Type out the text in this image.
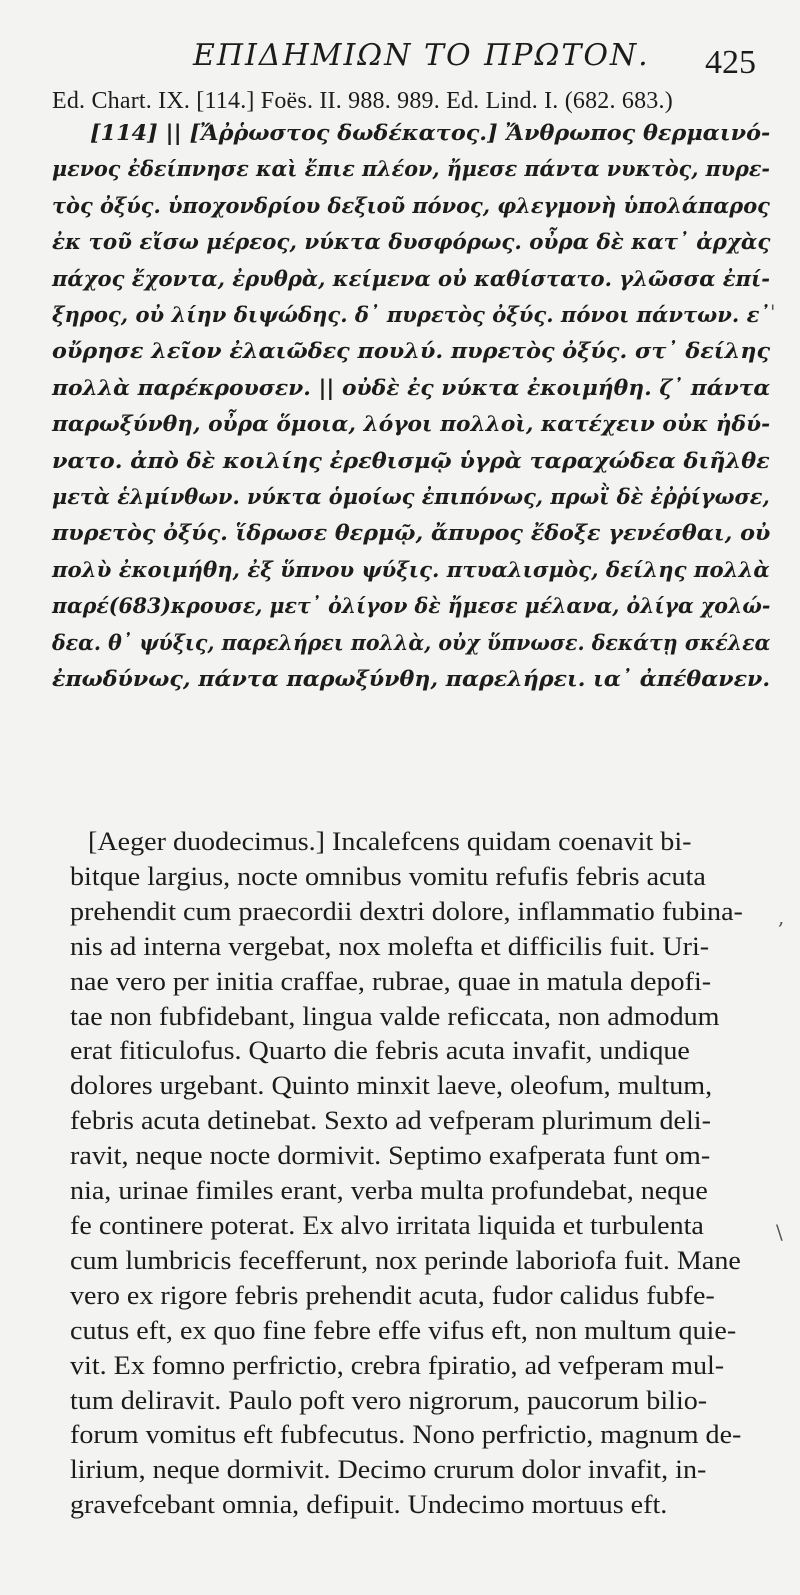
ΕΠΙΔΗΜΙΩΝ ΤΟ ΠΡΩΤΟΝ. 425
Ed. Chart. IX. [114.] Foës. II. 988. 989. Ed. Lind. I. (682. 683.)
[114] || [Ἄῤῥωστος δωδέκατος.] Ἄνθρωπος θερμαινό-
μενος ἐδείπνησε καὶ ἔπιε πλέον, ἤμεσε πάντα νυκτὸς, πυρε-
τὸς ὀξύς. ὑποχονδρίου δεξιοῦ πόνος, φλεγμονὴ ὑπολάπαρος
ἐκ τοῦ εἴσω μέρεος, νύκτα δυσφόρως. οὖρα δὲ κατ᾽ ἀρχὰς
πάχος ἔχοντα, ἐρυθρὰ, κείμενα οὐ καθίστατο. γλῶσσα ἐπί-
ξηρος, οὐ λίην διψώδης. δ᾽ πυρετὸς ὀξύς. πόνοι πάντων. ε᾽
οὔρησε λεῖον ἐλαιῶδες πουλύ. πυρετὸς ὀξύς. στ᾽ δείλης
πολλὰ παρέκρουσεν. || οὐδὲ ἐς νύκτα ἐκοιμήθη. ζ᾽ πάντα
παρωξύνθη, οὖρα ὅμοια, λόγοι πολλοὶ, κατέχειν οὐκ ἠδύ-
νατο. ἀπὸ δὲ κοιλίης ἐρεθισμῷ ὑγρὰ ταραχώδεα διῆλθε
μετὰ ἑλμίνθων. νύκτα ὁμοίως ἐπιπόνως, πρωῒ δὲ ἐῤῥίγωσε,
πυρετὸς ὀξύς. ἵδρωσε θερμῷ, ἄπυρος ἔδοξε γενέσθαι, οὐ
πολὺ ἐκοιμήθη, ἐξ ὕπνου ψύξις. πτυαλισμὸς, δείλης πολλὰ
παρέ(683)κρουσε, μετ᾽ ὀλίγον δὲ ἤμεσε μέλανα, ὀλίγα χολώ-
δεα. θ᾽ ψύξις, παρελήρει πολλὰ, οὐχ ὕπνωσε. δεκάτῃ σκέλεα
ἐπωδύνως, πάντα παρωξύνθη, παρελήρει. ια᾽ ἀπέθανεν.
[Aeger duodecimus.] Incalefcens quidam coenavit bi-
bitque largius, nocte omnibus vomitu refufis febris acuta
prehendit cum praecordii dextri dolore, inflammatio fubina-
nis ad interna vergebat, nox molefta et difficilis fuit. Uri-
nae vero per initia craffae, rubrae, quae in matula depofi-
tae non fubfidebant, lingua valde reficcata, non admodum
erat fiticulofus. Quarto die febris acuta invafit, undique
dolores urgebant. Quinto minxit laeve, oleofum, multum,
febris acuta detinebat. Sexto ad vefperam plurimum deli-
ravit, neque nocte dormivit. Septimo exafperata funt om-
nia, urinae fimiles erant, verba multa profundebat, neque
fe continere poterat. Ex alvo irritata liquida et turbulenta
cum lumbricis fecefferunt, nox perinde laboriofa fuit. Mane
vero ex rigore febris prehendit acuta, fudor calidus fubfe-
cutus eft, ex quo fine febre effe vifus eft, non multum quie-
vit. Ex fomno perfrictio, crebra fpiratio, ad vefperam mul-
tum deliravit. Paulo poft vero nigrorum, paucorum bilio-
forum vomitus eft fubfecutus. Nono perfrictio, magnum de-
lirium, neque dormivit. Decimo crurum dolor invafit, in-
gravefcebant omnia, defipuit. Undecimo mortuus eft.
'
,
\
